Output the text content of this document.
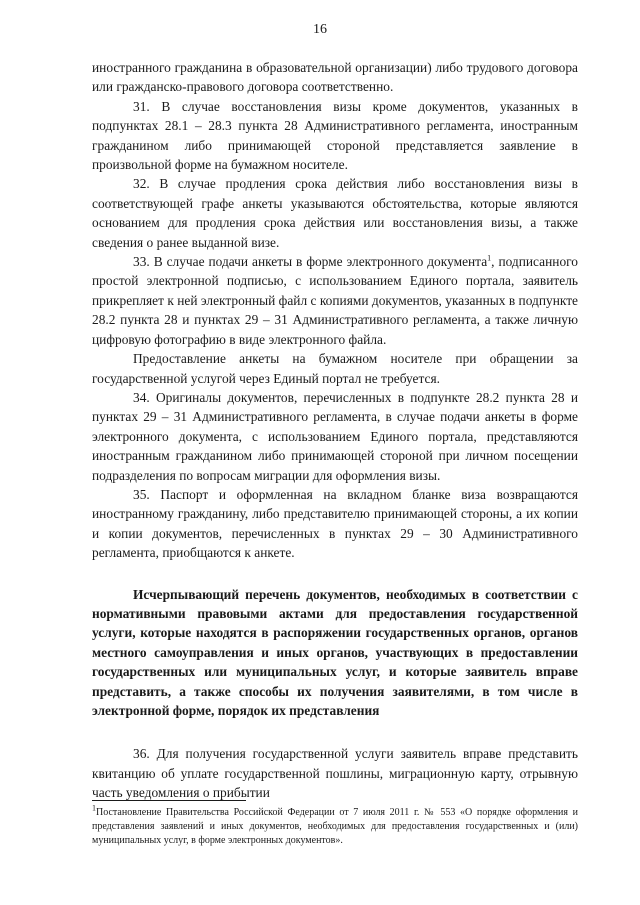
16

иностранного гражданина в образовательной организации) либо трудового договора или гражданско-правового договора соответственно.

31. В случае восстановления визы кроме документов, указанных в подпунктах 28.1 – 28.3 пункта 28 Административного регламента, иностранным гражданином либо принимающей стороной представляется заявление в произвольной форме на бумажном носителе.

32. В случае продления срока действия либо восстановления визы в соответствующей графе анкеты указываются обстоятельства, которые являются основанием для продления срока действия или восстановления визы, а также сведения о ранее выданной визе.

33. В случае подачи анкеты в форме электронного документа$^1$, подписанного простой электронной подписью, с использованием Единого портала, заявитель прикрепляет к ней электронный файл с копиями документов, указанных в подпункте 28.2 пункта 28 и пунктах 29 – 31 Административного регламента, а также личную цифровую фотографию в виде электронного файла.

Предоставление анкеты на бумажном носителе при обращении за государственной услугой через Единый портал не требуется.

34. Оригиналы документов, перечисленных в подпункте 28.2 пункта 28 и пунктах 29 – 31 Административного регламента, в случае подачи анкеты в форме электронного документа, с использованием Единого портала, представляются иностранным гражданином либо принимающей стороной при личном посещении подразделения по вопросам миграции для оформления визы.

35. Паспорт и оформленная на вкладном бланке виза возвращаются иностранному гражданину, либо представителю принимающей стороны, а их копии и копии документов, перечисленных в пунктах 29 – 30 Административного регламента, приобщаются к анкете.

Исчерпывающий перечень документов, необходимых в соответствии с нормативными правовыми актами для предоставления государственной услуги, которые находятся в распоряжении государственных органов, органов местного самоуправления и иных органов, участвующих в предоставлении государственных или муниципальных услуг, и которые заявитель вправе представить, а также способы их получения заявителями, в том числе в электронной форме, порядок их представления

36. Для получения государственной услуги заявитель вправе представить квитанцию об уплате государственной пошлины, миграционную карту, отрывную часть уведомления о прибытии

$^1$Постановление Правительства Российской Федерации от 7 июля 2011 г. № 553 «О порядке оформления и представления заявлений и иных документов, необходимых для предоставления государственных и (или) муниципальных услуг, в форме электронных документов».
